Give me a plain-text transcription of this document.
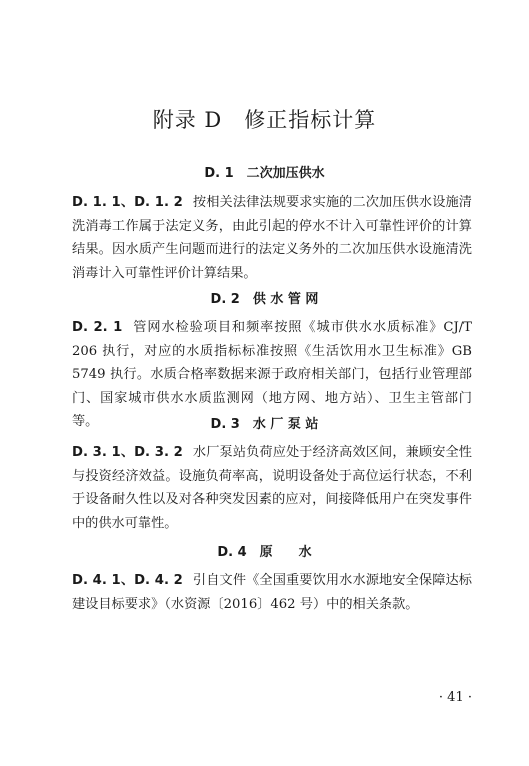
附录 D　修正指标计算
D. 1　二次加压供水
D. 1. 1、D. 1. 2 按相关法律法规要求实施的二次加压供水设施清洗消毒工作属于法定义务，由此引起的停水不计入可靠性评价的计算结果。因水质产生问题而进行的法定义务外的二次加压供水设施清洗消毒计入可靠性评价计算结果。
D. 2　供 水 管 网
D. 2. 1 管网水检验项目和频率按照《城市供水水质标准》CJ/T 206 执行，对应的水质指标标准按照《生活饮用水卫生标准》GB 5749 执行。水质合格率数据来源于政府相关部门，包括行业管理部门、国家城市供水水质监测网（地方网、地方站）、卫生主管部门等。	D. 3　水 厂 泵 站
D. 3. 1、D. 3. 2 水厂泵站负荷应处于经济高效区间，兼顾安全性与投资经济效益。设施负荷率高，说明设备处于高位运行状态，不利于设备耐久性以及对各种突发因素的应对，间接降低用户在突发事件中的供水可靠性。
D. 4　原　　水
D. 4. 1、D. 4. 2 引自文件《全国重要饮用水水源地安全保障达标建设目标要求》（水资源〔2016〕462 号）中的相关条款。
· 41 ·
